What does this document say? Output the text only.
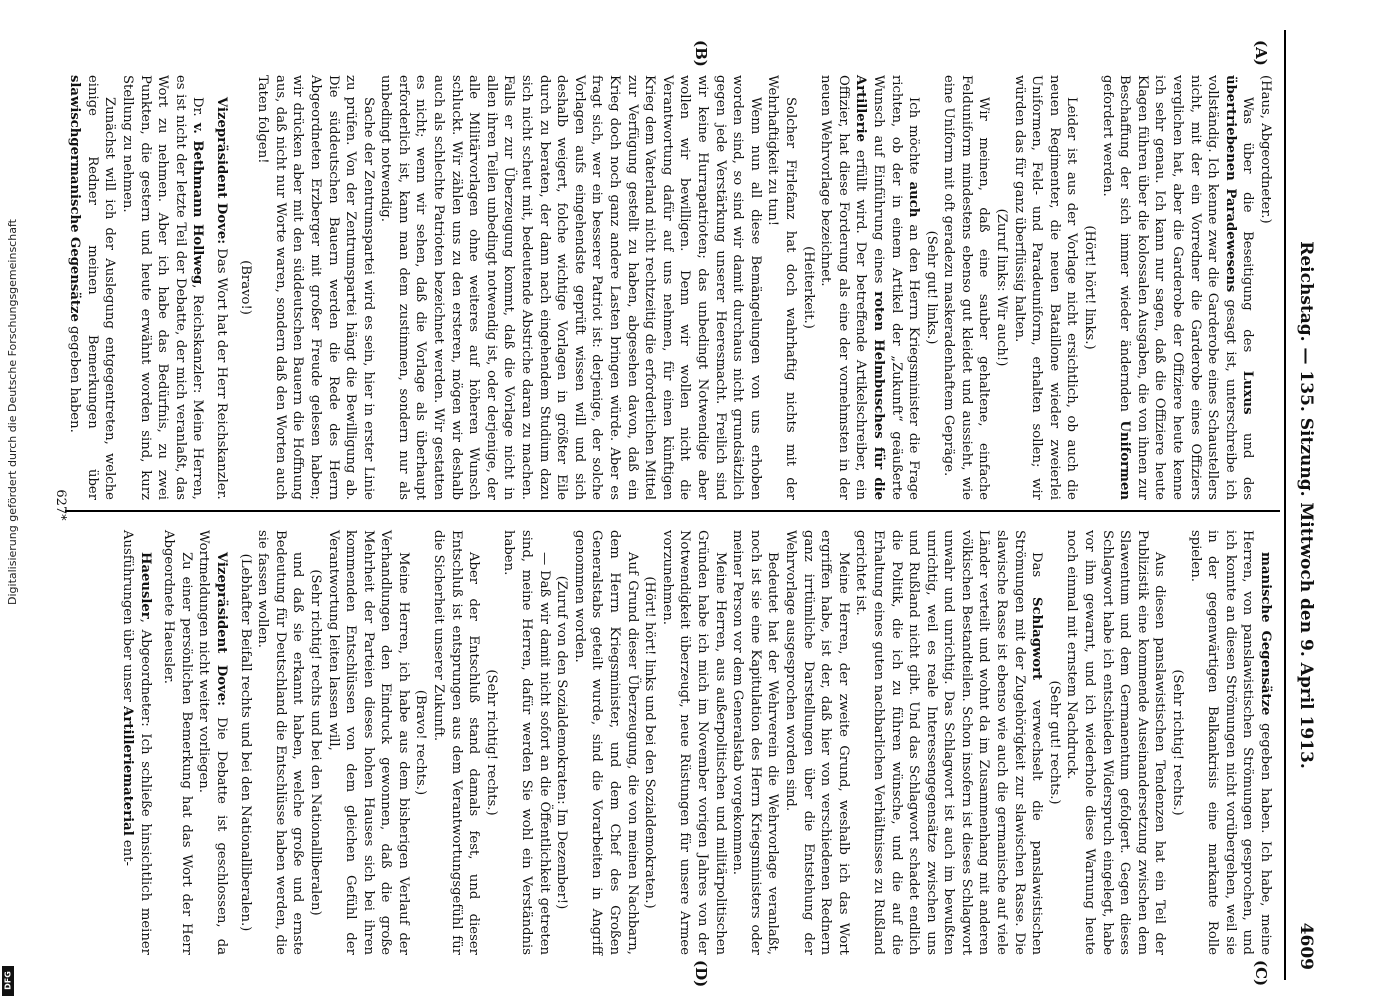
Reichstag. — 135. Sitzung. Mittwoch den 9. April 1913.
4609
(A)
(B)
(C)
(D)

(Haus, Abgeordneter.)

Was über die Beseitigung des Luxus und des übertriebenen Paradewesens gesagt ist, unterschreibe ich vollständig. Ich kenne zwar die Garderobe eines Schaustellers nicht, mit der ein Vorredner die Garderobe eines Offiziers verglichen hat, aber die Garderobe der Offiziere heute kenne ich sehr genau. Ich kann nur sagen, daß die Offiziere heute Klagen führen über die kolossalen Ausgaben, die von ihnen zur Beschaffung der sich immer wieder ändernden Uniformen gefordert werden.

(Hört! hört! links.)

Leider ist aus der Vorlage nicht ersichtlich, ob auch die neuen Regimenter, die neuen Bataillone wieder zweierlei Uniformen, Feld- und Paradeuniform, erhalten sollen; wir würden das für ganz überflüssig halten.

(Zuruf links: Wir auch!)

Wir meinen, daß eine sauber gehaltene, einfache Felduniform mindestens ebenso gut kleidet und aussieht, wie eine Uniform mit oft geradezu maskeradenhaftem Gepräge.

(Sehr gut! links.)

Ich möchte auch an den Herrn Kriegsminister die Frage richten, ob der in einem Artikel der „Zukunft“ geäußerte Wunsch auf Einführung eines roten Helmbusches für die Artillerie erfüllt wird. Der betreffende Artikelschreiber, ein Offizier, hat diese Forderung als eine der vornehmsten in der neuen Wehrvorlage bezeichnet.

(Heiterkeit.)

Solcher Firlefanz hat doch wahrhaftig nichts mit der Wehrhaftigkeit zu tun!

Wenn nun all diese Bemängelungen von uns erhoben worden sind, so sind wir damit durchaus nicht grundsätzlich gegen jede Verstärkung unserer Heeresmacht. Freilich sind wir keine Hurrapatrioten; das unbedingt Notwendige aber wollen wir bewilligen. Denn wir wollen nicht die Verantwortung dafür auf uns nehmen, für einen künftigen Krieg dem Vaterland nicht rechtzeitig die erforderlichen Mittel zur Verfügung gestellt zu haben, abgesehen davon, daß ein Krieg doch noch ganz andere Lasten bringen würde. Aber es fragt sich, wer ein besserer Patriot ist: derjenige, der solche Vorlagen aufs eingehendste geprüft wissen will und sich deshalb weigert, folche wichtige Vorlagen in größter Eile durch zu beraten, der dann nach eingehendem Studium dazu sich nicht scheut mit, bedeutende Abstriche daran zu machen. Falls er zur Überzeugung kommt, daß die Vorlage nicht in allen ihren Teilen unbedingt notwendig ist, oder derjenige, der alle Militärvorlagen ohne weiteres auf höheren Wunsch schluckt. Wir zählen uns zu den ersteren, mögen wir deshalb auch als schlechte Patrioten bezeichnet werden. Wir gestatten es nicht; wenn wir sehen, daß die Vorlage als überhaupt erforderlich ist, kann man dem zustimmen, sondern nur als unbedingt notwendig.

Sache der Zentrumspartei wird es sein, hier in erster Linie zu prüfen. Von der Zentrumspartei hängt die Bewilligung ab. Die süddeutschen Bauern werden die Rede des Herrn Abgeordneten Erzberger mit großer Freude gelesen haben; wir drücken aber mit den süddeutschen Bauern die Hoffnung aus, daß nicht nur Worte waren, sondern daß den Worten auch Taten folgen!

(Bravo!)

Vizepräsident Dove: Das Wort hat der Herr Reichskanzler.

Dr. v. Bethmann Hollweg, Reichskanzler: Meine Herren, es ist nicht der letzte Teil der Debatte, der mich veranlaßt, das Wort zu nehmen. Aber ich habe das Bedürfnis, zu zwei Punkten, die gestern und heute erwähnt worden sind, kurz Stellung zu nehmen.

Zunächst will ich der Auslegung entgegentreten, welche einige Redner meinen Bemerkungen über slawischgermanische Gegensätze gegeben haben.

manische Gegensätze gegeben haben. Ich habe, meine Herren, von panslawistischen Strömungen gesprochen, und ich konnte an diesen Strömungen nicht vorübergehen, weil sie in der gegenwärtigen Balkankrisis eine markante Rolle spielen.

(Sehr richtig! rechts.)

Aus diesen panslawistischen Tendenzen hat ein Teil der Publizistik eine kommende Auseinandersetzung zwischen dem Slawentum und dem Germanentum gefolgert. Gegen dieses Schlagwort habe ich entschieden Widerspruch eingelegt, habe vor ihm gewarnt, und ich wiederhole diese Warnung heute noch einmal mit ernstem Nachdruck.

(Sehr gut! rechts.)

Das Schlagwort verwechselt die panslawistischen Strömungen mit der Zugehörigkeit zur slawischen Rasse. Die slawische Rasse ist ebenso wie auch die germanische auf viele Länder verteilt und wohnt da im Zusammenhang mit anderen völkischen Bestandteilen. Schon insofern ist dieses Schlagwort unwahr und unrichtig. Das Schlagwort ist auch im bewußten unrichtig, weil es reale Interessengegensätze zwischen uns und Rußland nicht gibt. Und das Schlagwort schadet endlich die Politik, die ich zu führen wünsche, und die auf die Erhaltung eines guten nachbarlichen Verhältnisses zu Rußland gerichtet ist.

Meine Herren, der zweite Grund, weshalb ich das Wort ergriffen habe, ist der, daß hier von verschiedenen Rednern ganz irrtümliche Darstellungen über die Entstehung der Wehrvorlage ausgesprochen worden sind.

Bedeutet hat der Wehrverein die Wehrvorlage veranlaßt, noch ist sie eine Kapitulation des Herrn Kriegsministers oder meiner Person vor dem Generalstab vorgekommen.

Meine Herren, aus außerpolitischen und militärpolitischen Gründen habe ich mich im November vorigen Jahres von der Notwendigkeit überzeugt, neue Rüstungen für unsere Armee vorzunehmen.

(Hört! hört! links und bei den Sozialdemokraten.)

Auf Grund dieser Überzeugung, die von meinen Nachbarn, dem Herrn Kriegsminister, und dem Chef des Großen Generalstabs geteilt wurde, sind die Vorarbeiten in Angriff genommen worden.

(Zuruf von den Sozialdemokraten: Im Dezember!)

— Daß wir damit nicht sofort an die Öffentlichkeit getreten sind, meine Herren, dafür werden Sie wohl ein Verständnis haben.

(Sehr richtig! rechts.)

Aber der Entschluß stand damals fest, und dieser Entschluß ist entsprungen aus dem Verantwortungsgefühl für die Sicherheit unserer Zukunft.

(Bravo! rechts.)

Meine Herren, ich habe aus dem bisherigen Verlauf der Verhandlungen den Eindruck gewonnen, daß die große Mehrheit der Parteien dieses hohen Hauses sich bei ihren kommenden Entschlüssen von dem gleichen Gefühl der Verantwortung leiten lassen will,

(Sehr richtig! rechts und bei den Nationalliberalen)

und daß sie erkannt haben, welche große und ernste Bedeutung für Deutschland die Entschlüsse haben werden, die sie fassen wollen.

(Lebhafter Beifall rechts und bei den Nationalliberalen.)

Vizepräsident Dove: Die Debatte ist geschlossen, da Wortmeldungen nicht weiter vorliegen.

Zu einer persönlichen Bemerkung hat das Wort der Herr Abgeordnete Haeusler.

Haeusler, Abgeordneter: Ich schließe hinsichtlich meiner Ausführungen über unser Artilleriematerial ent-

627*
Digitalisierung gefördert durch die Deutsche Forschungsgemeinschaft
DFG
